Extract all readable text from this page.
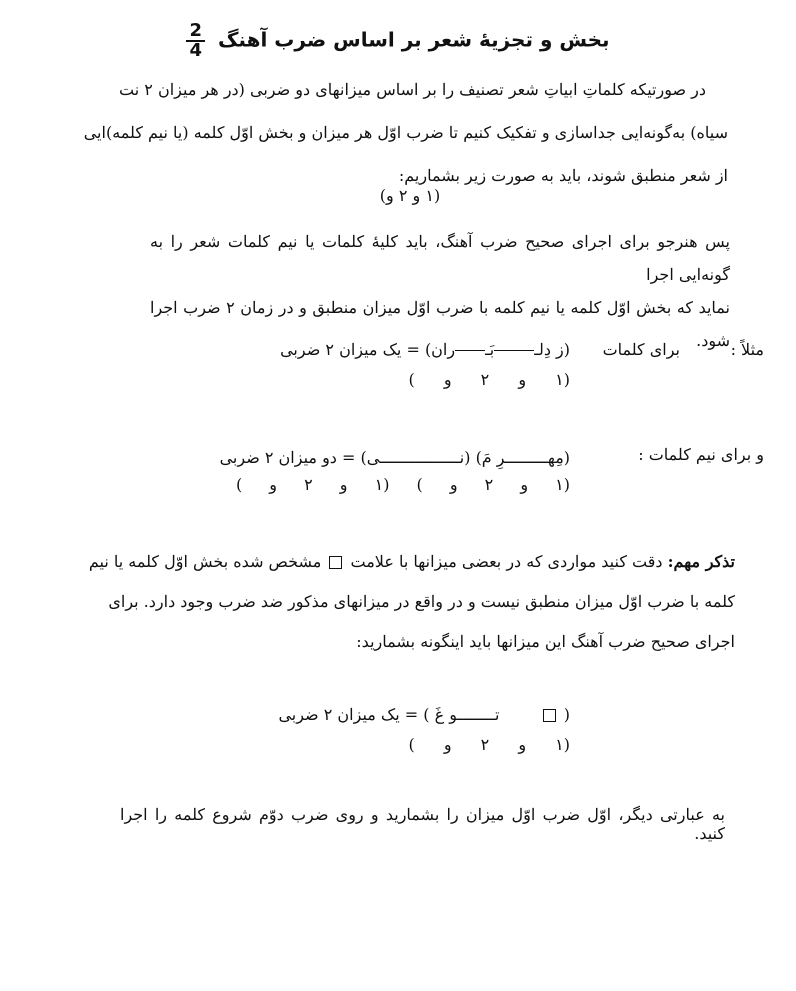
بخش و تجزیهٔ شعر بر اساس ضرب آهنگ
$\frac{2}{4}$
در صورتیکه کلماتِ ابیاتِ شعر تصنیف را بر اساس میزانهای دو ضربی (در هر میزان ۲ نت
سیاه) به‌گونه‌ایی جداسازی و تفکیک کنیم تا ضرب اوّل هر میزان و بخش اوّل کلمه (یا نیم کلمه)ایی
از شعر منطبق شوند، باید به صورت زیر بشماریم:
(۱ و ۲ و)
پس هنرجو برای اجرای صحیح ضرب آهنگ، باید کلیهٔ کلمات یا نیم کلمات شعر را به گونه‌ایی اجرا
نماید که بخش اوّل کلمه یا نیم کلمه با ضرب اوّل میزان منطبق و در زمان ۲ ضرب اجرا شود. مثلاً :
برای کلمات
(ز دِلـبَـران) = یک میزان ۲ ضربی
(۱ و ۲ و )
و برای نیم کلمات :
(مِهـــــــــرِ مَ) (نـــــــــــــــــی) = دو میزان ۲ ضربی
(۱ و ۲ و ) (۱ و ۲ و )
تذکر مهم: دقت کنید مواردی که در بعضی میزانها با علامت  مشخص شده بخش اوّل کلمه یا نیم
کلمه با ضرب اوّل میزان منطبق نیست و در واقع در میزانهای مذکور ضد ضرب وجود دارد. برای
اجرای صحیح ضرب آهنگ این میزانها باید اینگونه بشمارید:
(   تــــــــو غَ ) = یک میزان ۲ ضربی
(۱ و ۲ و )
به عبارتی دیگر، اوّل ضرب اوّل میزان را بشمارید و روی ضرب دوّم شروع کلمه را اجرا کنید.
